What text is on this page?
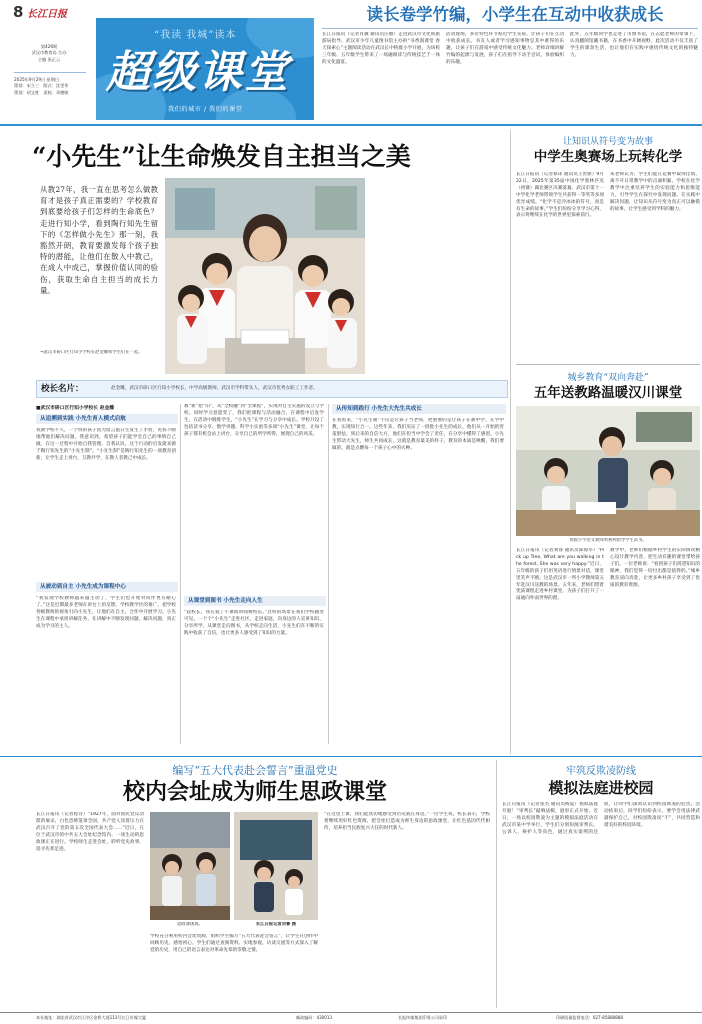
8 长江日报
第426期
武汉市教育局 合办
主编 张正云
2025年9月29日 星期日
策划：宋立三　版式：沈雯华
策划：胡文胜　责校：邓德敏
“我读 我城”读本
超级课堂
我们的城市 / 我们的课堂
读长卷学竹编，小学生在互动中收获成长
长江日报讯（记者肖骥 通讯员汪丽）走进武汉市文化和旅游局指导、武汉市少年儿童图书馆主办的“书香润课堂 春天探索心”主题阅读活动在武汉长中桥群小学开展，为该校三年级、五年级学生带来了一场融阅读与传统技艺于一体的文化盛宴。
活动现场，多位特色环节贴近学生实际，让孩子们在互动中收获成长。书友人或者学习感知事物是其中难得的乐趣，让孩子们在游戏中感受传统文化魅力。老师详细讲解竹编的起源与发展，孩子们在指导下动手尝试，体验编织的乐趣。
此外，五年级同学也走进了市图书馆，在志愿老师的带领下，认真翻阅馆藏书籍，在书香中开阔视野。此次活动不仅丰富了学生的课余生活，也让他们在实践中感悟传统文化的独特魅力。
“小先生”让生命焕发自主担当之美
从教27年，我一直在思考怎么做教育才是孩子真正需要的？学校教育到底要给孩子们怎样的生命底色？走进行知小学，看到陶行知先生留下的《怎样做小先生》那一刻，我豁然开朗，教育要激发每个孩子独特的潜能，让他们在散入中教己，在成人中成己，掌握价值认同的验伤，获取生命自主担当的成长力量。
→武汉市硚口区行知小学校长赵金雕和学生们在一起。
校长名片：	赵金雕，武汉市硚口区行知小学校长，中学高级教师，武汉市学科带头人，武汉市优秀女职工工作者。
■武汉市硚口区行知小学校长 赵金雕
从追溯到实践 小先生育人模式启航
我教学校不久，一个班的孩子因为留言值日生发生了矛盾，见我不断地帮他们解决问题，我意识到，希望孩子们能学会自己的事情自己做，在这一过程中开始自我管理、自我认识，这个行动的启发就来源于陶行知先生的“小先生制”。“小先生制”是陶行知先生的一项教育创新，让学生走上讲台，互教共学，在教人者教己中成长。
从被动到自主 小先生成为课程中心
“我发现学校教师越来越主动了，学生们也开始对同伴更有耐心了。”这是近期最多老师在讲台上的反馈。学校教学区的推广，把学校各级教师的视角引向小先生，让他们在自主、合作中开展学习。小先生在课程中承担讲解任务，在讲解中不断发现问题、解决问题，真正成为学习的主人。
教“新”把“旧”，从“全校融”到“全课程”，实现对自主实施的设立与学校。同时学习意愿变了，我们把课程与活动融合，在课程中启发学生，在活动中锻炼学生，“小先生”在学习与分享中成长。学校开设了包括读书分享、数学讲题、科学小实验等多项“小先生”课堂，让每个孩子都有机会站上讲台，分享自己的所学所得，展现自己的风采。
从课堂到图书 小先生走向人生
“起校长，我在爱丁午课间时间被校长。”这样的场景在我们学校随处可见。一个个“小先生”走进社区、走进家庭，向身边的人宣讲知识，分享所学。从课堂走向图书，从学校走向生活，小先生们在不断的实践中收获了自信，也让更多人感受到了知识的力量。
从传知到践行 小先生大先生共成长
在我看来，“小先生制”不仅是让孩子当老师，更重要的是让孩子在教中学、在学中教，实现知行合一。这些年来，我们见证了一批批小先生的成长，他们从一开始的害羞胆怯，到后来的自信大方，他们在担当中学会了责任，在分享中懂得了感恩。小先生带动大先生，师生共同成长，这就是教育最美的样子。教育的本质是唤醒，我们要做的，就是点燃每一个孩子心中的火种。
让知识从符号变为故事
中学生奥赛场上玩转化学
长江日报讯（记者蔡译 通讯员王贵驱）9月22日，2025年第35届中国化学奥林匹克（初赛）湖北赛区决赛落幕，武汉市第十一中学化学老师带领学生共获得一等奖等多项优异成绩。“化学不是冷冰冰的符号，而是有生命的故事。”学生们纷纷分享学习心得，表示将继续在化学的世界里探索前行。
朱老师认为，学生们能在竞赛中取得佳绩，离不开日常教学中的点滴积累。学校在化学教学中注重培养学生的实验能力和思维能力，引导学生在探究中发现问题、在实践中解决问题，让知识从符号变为真正可以触摸的故事，让学生感受到学科的魅力。
城乡教育“双向奔赴”
五年送教路温暖汉川课堂
黄陂小学语文教师黄利利指导学生读书。
长江日报讯（记者刘睿 通讯员陈海华）“Pick up Tree, What are you walking in the forest, She was very happy.”近日，五年级的孩子们用英语进行情景对话，课堂里笑声不断。这是武汉市一所小学教师第五年赴汉川送教的场景。五年来，老师们带着优质课程走进乡村课堂，为孩子们打开了一扇通向外面世界的窗。
教学中，老师们根据乡村学生的实际情况精心设计教学内容，把生动有趣的课堂带给孩子们。一位老师说：“看到孩子们渴望知识的眼神，我们觉得一切付出都是值得的。”城乡教育双向奔赴，让更多乡村孩子享受到了优质的教育资源。
编写“五大代表赴会誓言”重温党史
校内会址成为师生思政课堂
长江日报讯（记者程诗）“1927年，面对国民党反动派的屠杀，白色恐怖笼罩全国，共产党人顶着压力在武汉召开了党的第五次全国代表大会……”近日，在位于武汉市的中共五大会址纪念馆内，一场生动的思政课正在进行。学校师生走进会址，聆听党史故事，追寻先辈足迹。
思政课现场。	长江日报记者刘睿 摄
学校充分利用校内会址资源，组织学生编写“五大代表赴会誓言”，让学生在创作中回顾历史、感悟初心。学生们通过查阅资料、实地参观、访谈交流等方式深入了解党的历史，用自己的语言表达对革命先辈的崇敬之情。
“在这里上课，我们能真切地感受到历史就在身边。”一位学生说。校长表示，学校将继续用好红色资源，把会址打造成为师生身边的思政课堂，让红色基因代代相传，培养担当民族复兴大任的时代新人。
牢筑反欺凌防线
模拟法庭进校园
长江日报讯（记者张杰 通讯员杨夏）模拟法庭开庭！“审判长”敲响法槌，庭审正式开始。近日，一场以校园欺凌为主题的模拟法庭活动在武汉市某中学举行，学生们分别扮演审判长、公诉人、辩护人等角色，通过真实案例的还原，让同学们深刻认识到校园欺凌的危害。活动结束后，同学们纷纷表示，要学会用法律武器保护自己，对校园欺凌说“不”，共同营造和谐美好的校园环境。
本社地址：湖北省武汉市江岸区金桥大道113号长江传媒大厦	邮政编码：430013	长报传媒集团印务公司承印	印刷质量监督电话：027-85888888
